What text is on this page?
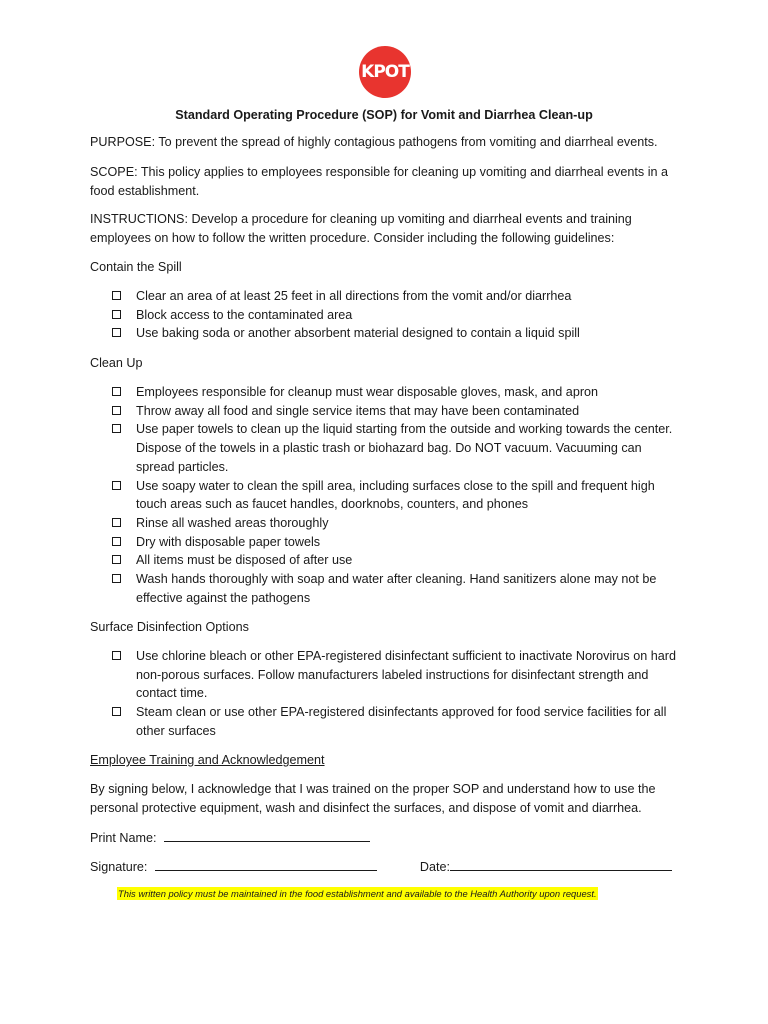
KPOT
Standard Operating Procedure (SOP) for Vomit and Diarrhea Clean-up
PURPOSE: To prevent the spread of highly contagious pathogens from vomiting and diarrheal events.
SCOPE: This policy applies to employees responsible for cleaning up vomiting and diarrheal events in a food establishment.
INSTRUCTIONS: Develop a procedure for cleaning up vomiting and diarrheal events and training employees on how to follow the written procedure. Consider including the following guidelines:
Contain the Spill
Clear an area of at least 25 feet in all directions from the vomit and/or diarrhea
Block access to the contaminated area
Use baking soda or another absorbent material designed to contain a liquid spill
Clean Up
Employees responsible for cleanup must wear disposable gloves, mask, and apron
Throw away all food and single service items that may have been contaminated
Use paper towels to clean up the liquid starting from the outside and working towards the center. Dispose of the towels in a plastic trash or biohazard bag. Do NOT vacuum. Vacuuming can spread particles.
Use soapy water to clean the spill area, including surfaces close to the spill and frequent high touch areas such as faucet handles, doorknobs, counters, and phones
Rinse all washed areas thoroughly
Dry with disposable paper towels
All items must be disposed of after use
Wash hands thoroughly with soap and water after cleaning. Hand sanitizers alone may not be effective against the pathogens
Surface Disinfection Options
Use chlorine bleach or other EPA-registered disinfectant sufficient to inactivate Norovirus on hard non-porous surfaces. Follow manufacturers labeled instructions for disinfectant strength and contact time.
Steam clean or use other EPA-registered disinfectants approved for food service facilities for all other surfaces
Employee Training and Acknowledgement
By signing below, I acknowledge that I was trained on the proper SOP and understand how to use the personal protective equipment, wash and disinfect the surfaces, and dispose of vomit and diarrhea.
Print Name:
Signature:	Date:
This written policy must be maintained in the food establishment and available to the Health Authority upon request.
